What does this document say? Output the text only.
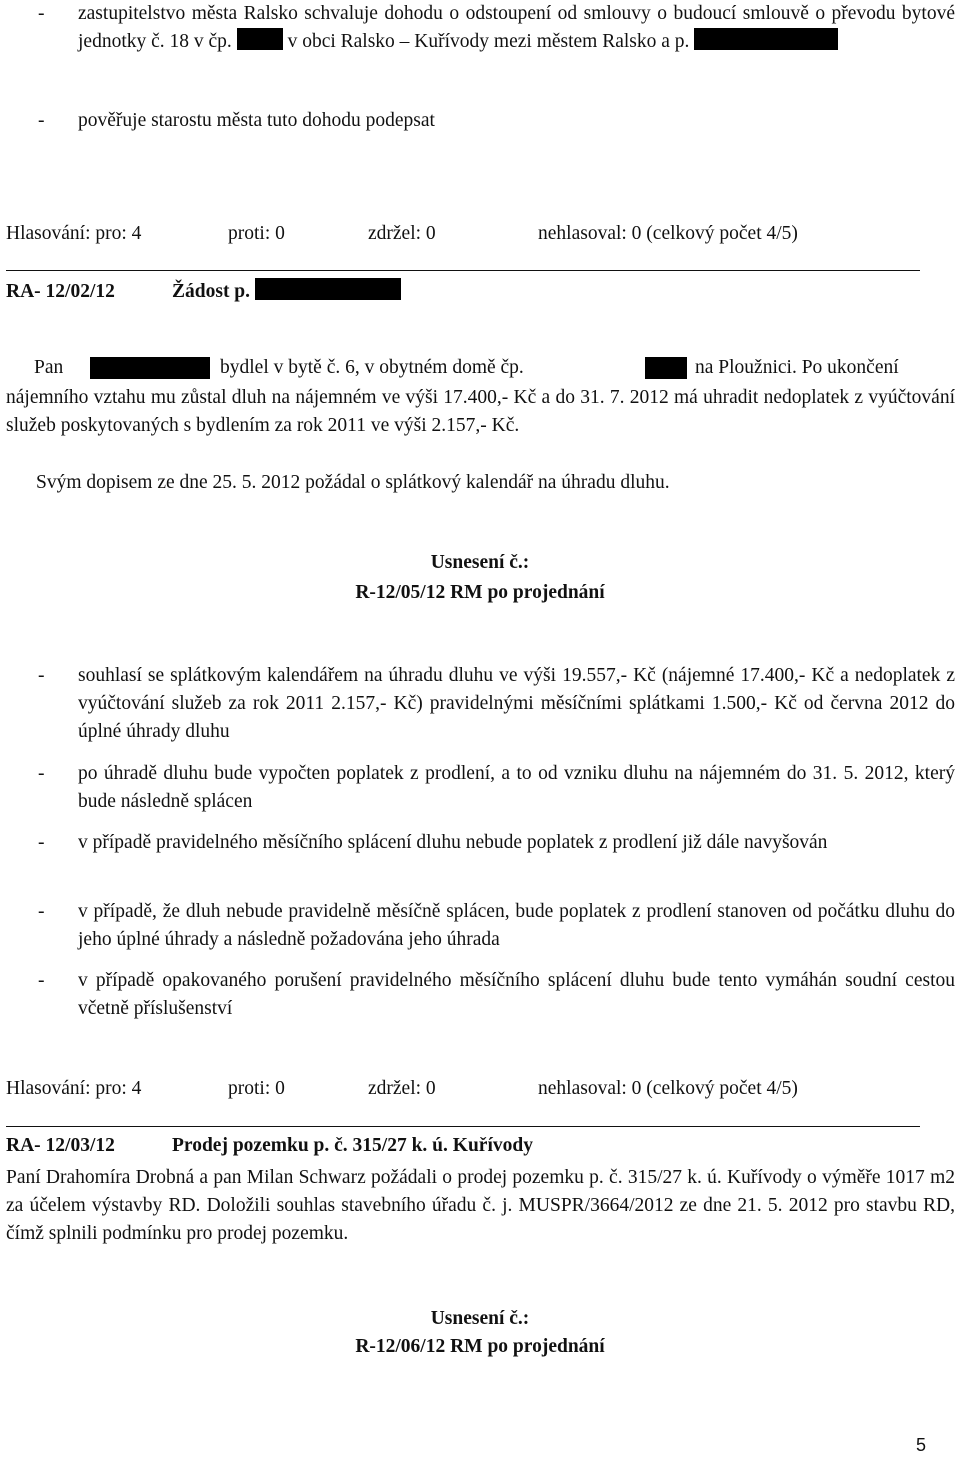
- zastupitelstvo města Ralsko schvaluje dohodu o odstoupení od smlouvy o budoucí smlouvě o převodu bytové jednotky č. 18 v čp.	v obci Ralsko – Kuřívody mezi městem Ralsko a p.
- pověřuje starostu města tuto dohodu podepsat
Hlasování: pro: 4	proti: 0	zdržel: 0	nehlasoval: 0 (celkový počet 4/5)
RA- 12/02/12	Žádost p.
Pan	bydlel v bytě č. 6, v obytném domě čp.	na Ploužnici. Po ukončení
nájemního vztahu mu zůstal dluh na nájemném ve výši 17.400,- Kč a do 31. 7. 2012 má uhradit nedoplatek z vyúčtování služeb poskytovaných s bydlením za rok 2011 ve výši 2.157,- Kč.
Svým dopisem ze dne 25. 5. 2012 požádal o splátkový kalendář na úhradu dluhu.
Usnesení č.:
R-12/05/12 RM po projednání
- souhlasí se splátkovým kalendářem na úhradu dluhu ve výši 19.557,- Kč (nájemné 17.400,- Kč a nedoplatek z vyúčtování služeb za rok 2011 2.157,- Kč) pravidelnými měsíčními splátkami 1.500,- Kč od června 2012 do úplné úhrady dluhu
- po úhradě dluhu bude vypočten poplatek z prodlení, a to od vzniku dluhu na nájemném do 31. 5. 2012, který bude následně splácen
- v případě pravidelného měsíčního splácení dluhu nebude poplatek z prodlení již dále navyšován
- v případě, že dluh nebude pravidelně měsíčně splácen, bude poplatek z prodlení stanoven od počátku dluhu do jeho úplné úhrady a následně požadována jeho úhrada
- v případě opakovaného porušení pravidelného měsíčního splácení dluhu bude tento vymáhán soudní cestou včetně příslušenství
Hlasování: pro: 4	proti: 0	zdržel: 0	nehlasoval: 0 (celkový počet 4/5)
RA- 12/03/12	Prodej pozemku p. č. 315/27 k. ú. Kuřívody
Paní Drahomíra Drobná a pan Milan Schwarz požádali o prodej pozemku p. č. 315/27 k. ú. Kuřívody o výměře 1017 m2 za účelem výstavby RD. Doložili souhlas stavebního úřadu č. j. MUSPR/3664/2012 ze dne 21. 5. 2012 pro stavbu RD, čímž splnili podmínku pro prodej pozemku.
Usnesení č.:
R-12/06/12 RM po projednání
5
